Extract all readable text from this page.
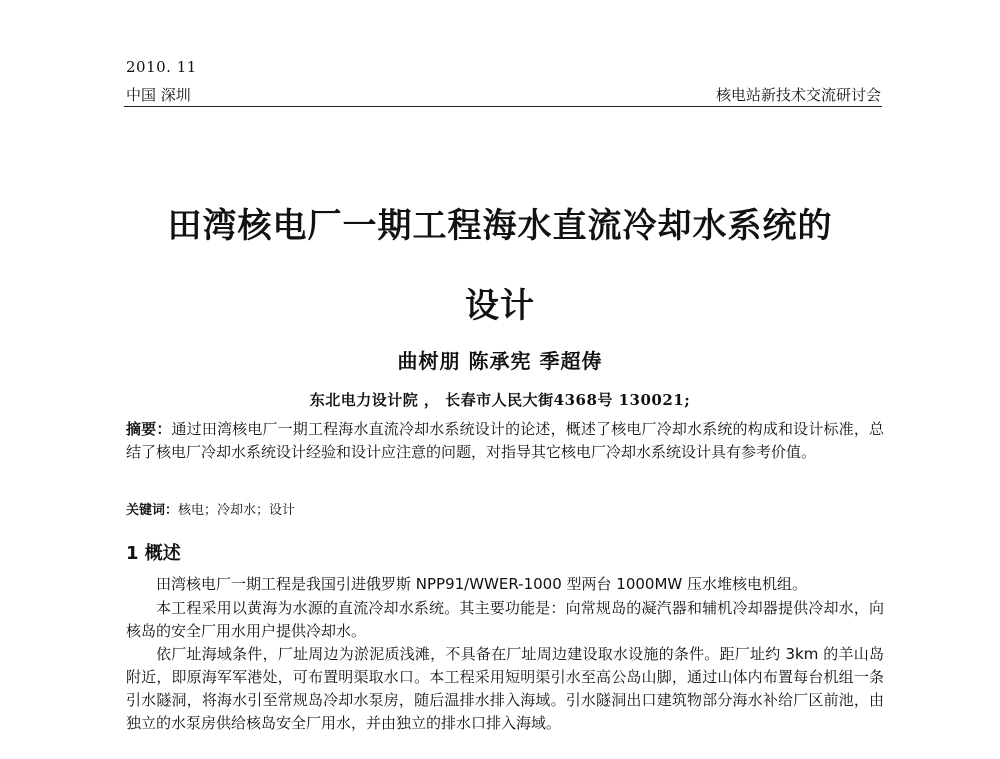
2010. 11
中国 深圳	核电站新技术交流研讨会
田湾核电厂一期工程海水直流冷却水系统的
设计
曲树朋 陈承宪 季超俦
东北电力设计院 ， 长春市人民大街4368号 130021;

摘要：通过田湾核电厂一期工程海水直流冷却水系统设计的论述，概述了核电厂冷却水系统的构成和设计标准，总结了核电厂冷却水系统设计经验和设计应注意的问题，对指导其它核电厂冷却水系统设计具有参考价值。

关键词：核电；冷却水；设计
1 概述

田湾核电厂一期工程是我国引进俄罗斯 NPP91/WWER-1000 型两台 1000MW 压水堆核电机组。

本工程采用以黄海为水源的直流冷却水系统。其主要功能是：向常规岛的凝汽器和辅机冷却器提供冷却水，向核岛的安全厂用水用户提供冷却水。

依厂址海域条件，厂址周边为淤泥质浅滩，不具备在厂址周边建设取水设施的条件。距厂址约 3km 的羊山岛附近，即原海军军港处，可布置明渠取水口。本工程采用短明渠引水至高公岛山脚，通过山体内布置每台机组一条引水隧洞，将海水引至常规岛冷却水泵房，随后温排水排入海域。引水隧洞出口建筑物部分海水补给厂区前池，由独立的水泵房供给核岛安全厂用水，并由独立的排水口排入海域。
